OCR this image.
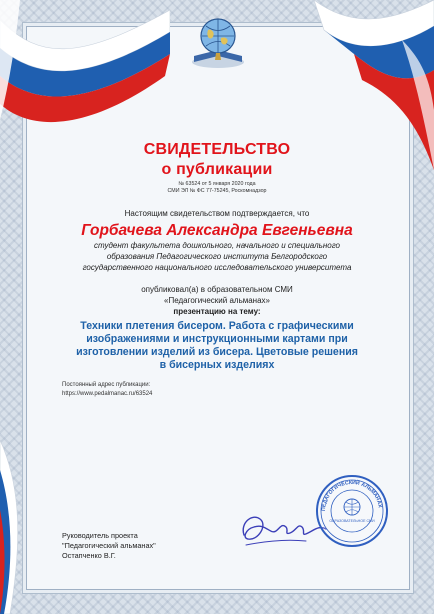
СВИДЕТЕЛЬСТВО
о публикации
№ 63524 от 5 января 2020 года
СМИ ЭЛ № ФС 77-75245, Роскомнадзор
Настоящим свидетельством подтверждается, что
Горбачева Александра Евгеньевна
студент факультета дошкольного, начального и специального
образования Педагогического института Белгородского
государственного национального исследовательского университета
опубликовал(а) в образовательном СМИ
«Педагогический альманах»
презентацию на тему:
Техники плетения бисером. Работа с графическими
изображениями и инструкционными картами при
изготовлении изделий из бисера. Цветовые решения
в бисерных изделиях
Постоянный адрес публикации:
https://www.pedalmanac.ru/63524
Руководитель проекта
"Педагогический альманах"
Остапченко В.Г.
ПЕДАГОГИЧЕСКИЙ АЛЬМАНАХ
ОБРАЗОВАТЕЛЬНОЕ СМИ
